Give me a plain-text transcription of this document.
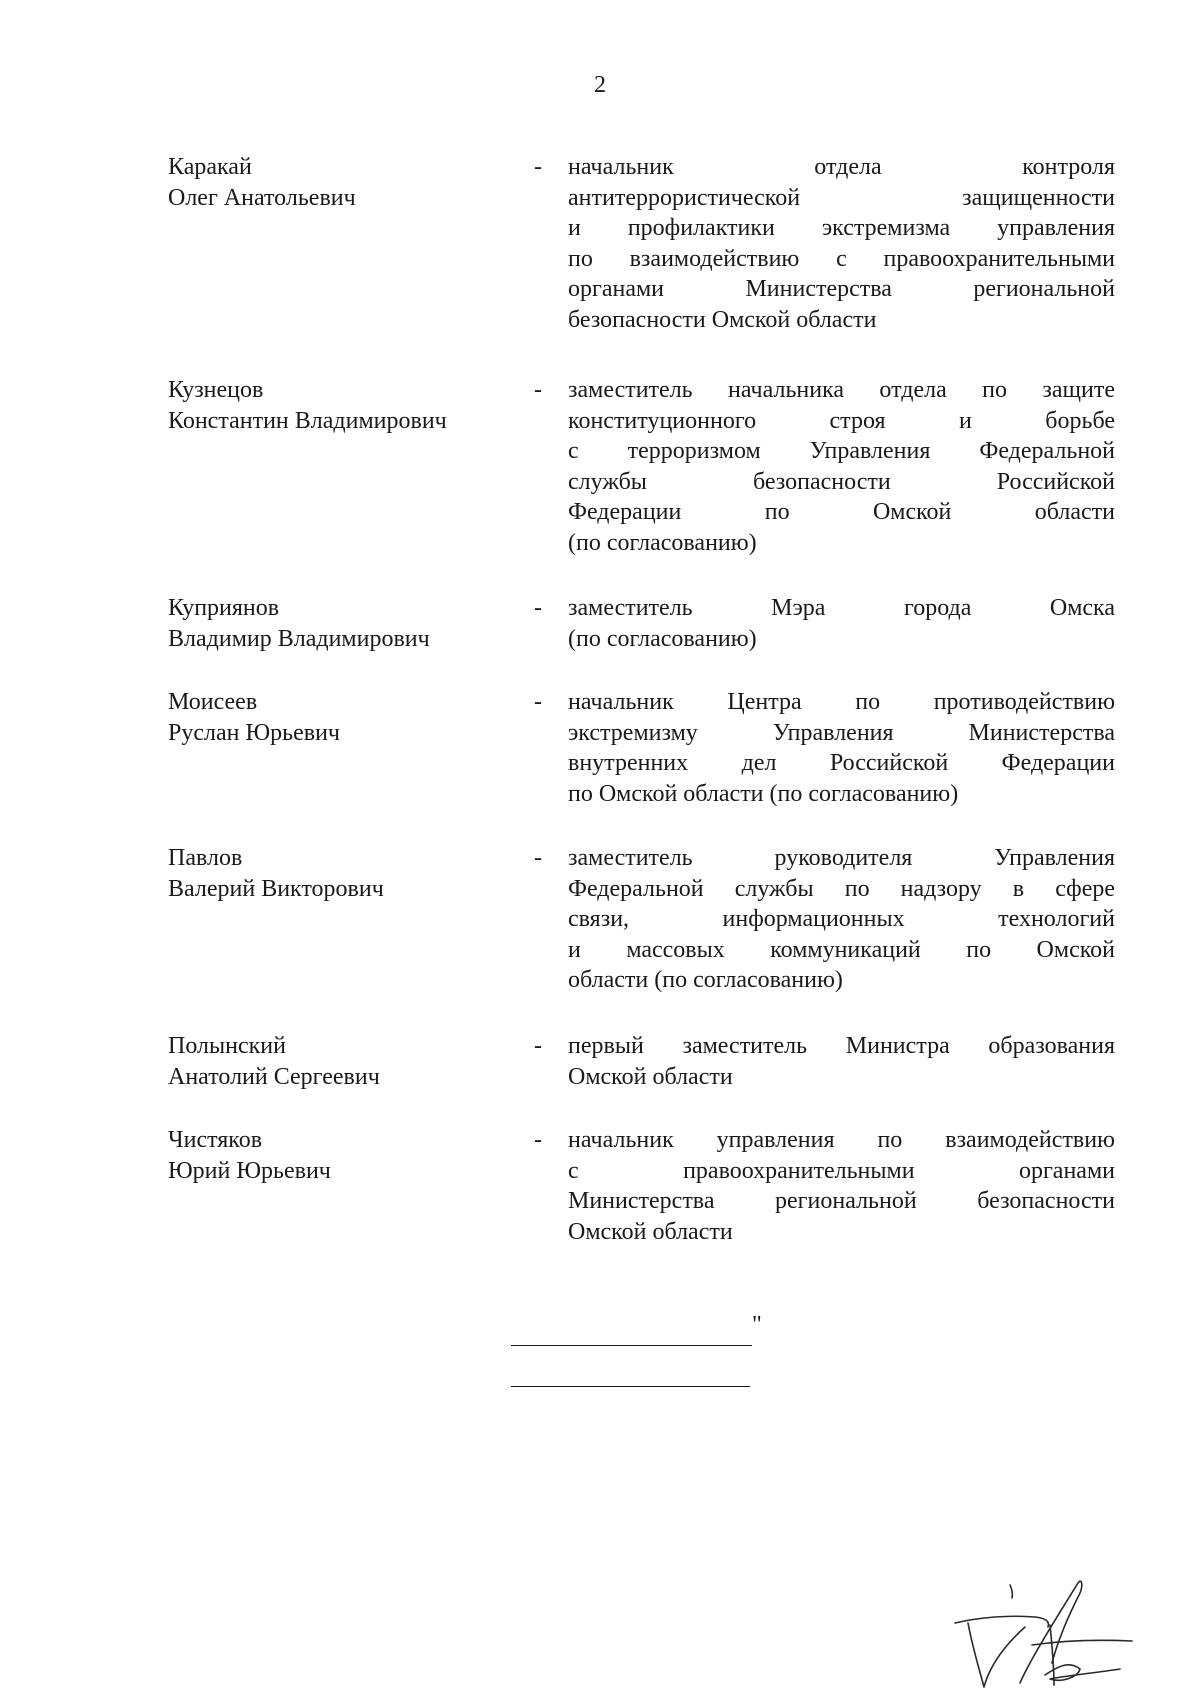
2
Каракай
Олег Анатольевич
-	начальник отдела контроля
антитеррористической защищенности
и профилактики экстремизма управления
по взаимодействию с правоохранительными
органами Министерства региональной
безопасности Омской области
Кузнецов
Константин Владимирович
-	заместитель начальника отдела по защите
конституционного строя и борьбе
с терроризмом Управления Федеральной
службы безопасности Российской
Федерации по Омской области
(по согласованию)
Куприянов
Владимир Владимирович
-	заместитель Мэра города Омска
(по согласованию)
Моисеев
Руслан Юрьевич
-	начальник Центра по противодействию
экстремизму Управления Министерства
внутренних дел Российской Федерации
по Омской области (по согласованию)
Павлов
Валерий Викторович
-	заместитель руководителя Управления
Федеральной службы по надзору в сфере
связи, информационных технологий
и массовых коммуникаций по Омской
области (по согласованию)
Полынский
Анатолий Сергеевич
-	первый заместитель Министра образования
Омской области
Чистяков
Юрий Юрьевич
-	начальник управления по взаимодействию
с правоохранительными органами
Министерства региональной безопасности
Омской области
"
